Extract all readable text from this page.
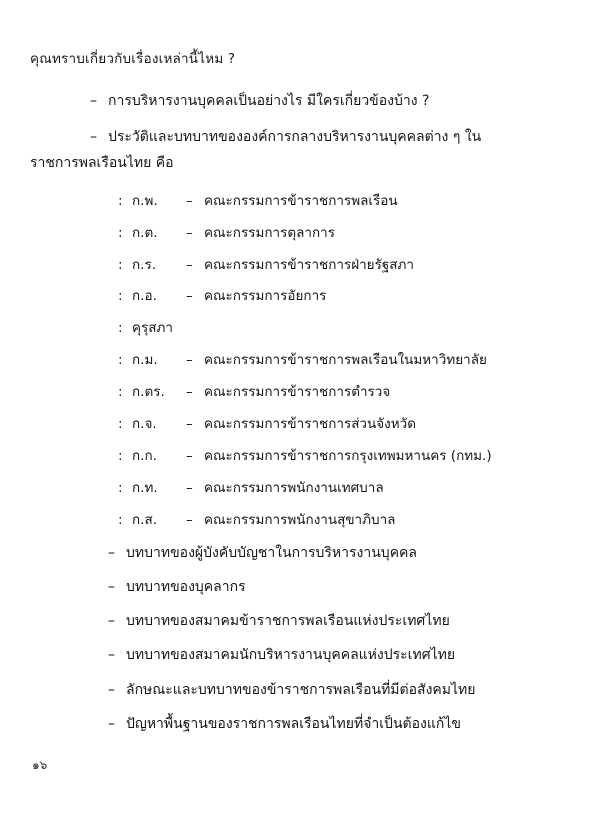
คุณทราบเกี่ยวกับเรื่องเหล่านี้ไหม ?
– การบริหารงานบุคคลเป็นอย่างไร มีใครเกี่ยวข้องบ้าง ?
– ประวัติและบทบาทขององค์การกลางบริหารงานบุคคลต่าง ๆ ใน
ราชการพลเรือนไทย คือ
: ก.พ.	– คณะกรรมการข้าราชการพลเรือน
: ก.ต.	– คณะกรรมการตุลาการ
: ก.ร.	– คณะกรรมการข้าราชการฝ่ายรัฐสภา
: ก.อ.	– คณะกรรมการอัยการ
: คุรุสภา
: ก.ม.	– คณะกรรมการข้าราชการพลเรือนในมหาวิทยาลัย
: ก.ตร.	– คณะกรรมการข้าราชการตำรวจ
: ก.จ.	– คณะกรรมการข้าราชการส่วนจังหวัด
: ก.ก.	– คณะกรรมการข้าราชการกรุงเทพมหานคร (กทม.)
: ก.ท.	– คณะกรรมการพนักงานเทศบาล
: ก.ส.	– คณะกรรมการพนักงานสุขาภิบาล
– บทบาทของผู้บังคับบัญชาในการบริหารงานบุคคล
– บทบาทของบุคลากร
– บทบาทของสมาคมข้าราชการพลเรือนแห่งประเทศไทย
– บทบาทของสมาคมนักบริหารงานบุคคลแห่งประเทศไทย
– ลักษณะและบทบาทของข้าราชการพลเรือนที่มีต่อสังคมไทย
– ปัญหาพื้นฐานของราชการพลเรือนไทยที่จำเป็นต้องแก้ไข
๑๖
